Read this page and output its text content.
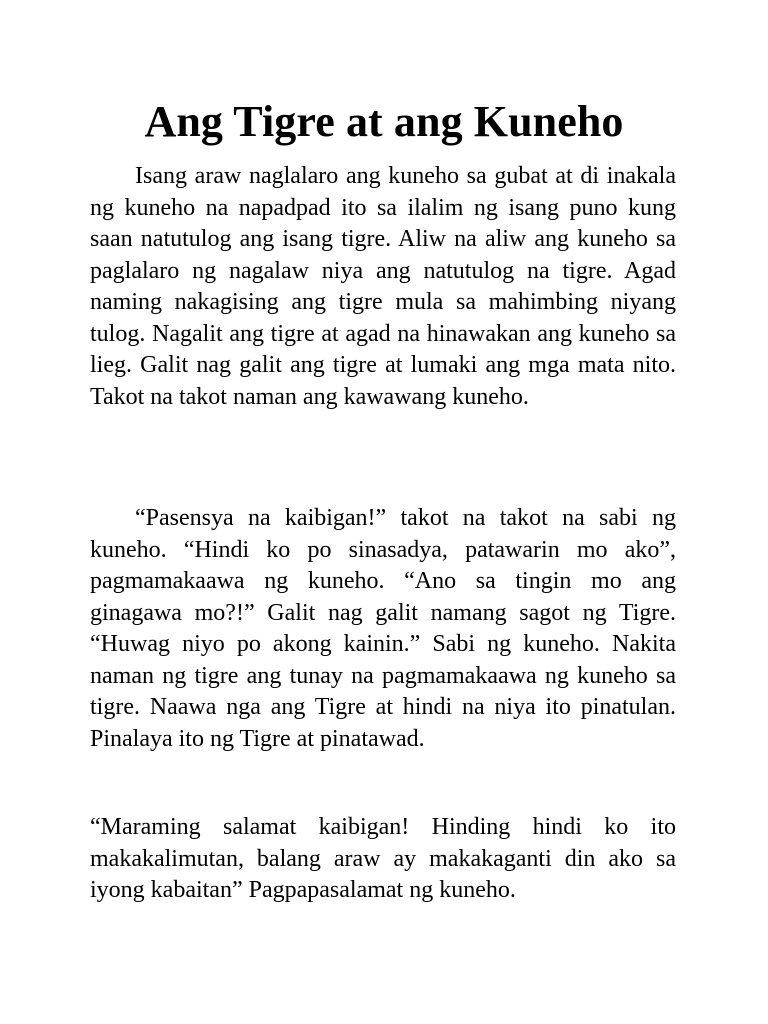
Ang Tigre at ang Kuneho

Isang araw naglalaro ang kuneho sa gubat at di inakala ng kuneho na napadpad ito sa ilalim ng isang puno kung saan natutulog ang isang tigre. Aliw na aliw ang kuneho sa paglalaro ng nagalaw niya ang natutulog na tigre. Agad naming nakagising ang tigre mula sa mahimbing niyang tulog. Nagalit ang tigre at agad na hinawakan ang kuneho sa lieg. Galit nag galit ang tigre at lumaki ang mga mata nito. Takot na takot naman ang kawawang kuneho.

“Pasensya na kaibigan!” takot na takot na sabi ng kuneho. “Hindi ko po sinasadya, patawarin mo ako”, pagmamakaawa ng kuneho. “Ano sa tingin mo ang ginagawa mo?!” Galit nag galit namang sagot ng Tigre. “Huwag niyo po akong kainin.” Sabi ng kuneho. Nakita naman ng tigre ang tunay na pagmamakaawa ng kuneho sa tigre. Naawa nga ang Tigre at hindi na niya ito pinatulan. Pinalaya ito ng Tigre at pinatawad.

“Maraming salamat kaibigan! Hinding hindi ko ito makakalimutan, balang araw ay makakaganti din ako sa iyong kabaitan” Pagpapasalamat ng kuneho.
